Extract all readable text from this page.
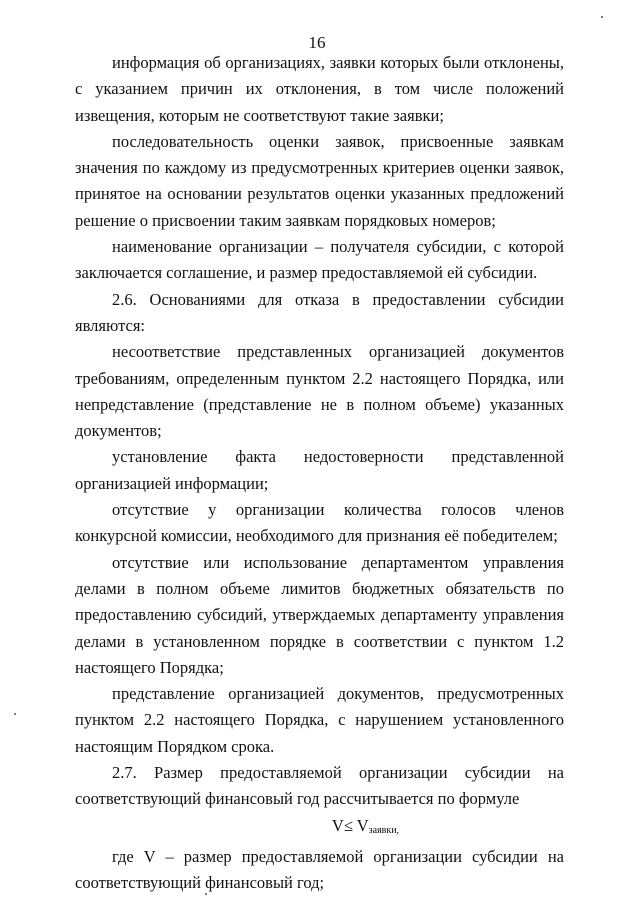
16

информация об организациях, заявки которых были отклонены, с указанием причин их отклонения, в том числе положений извещения, которым не соответствуют такие заявки;

последовательность оценки заявок, присвоенные заявкам значения по каждому из предусмотренных критериев оценки заявок, принятое на основании результатов оценки указанных предложений решение о присвоении таким заявкам порядковых номеров;

наименование организации – получателя субсидии, с которой заключается соглашение, и размер предоставляемой ей субсидии.

2.6. Основаниями для отказа в предоставлении субсидии являются:

несоответствие представленных организацией документов требованиям, определенным пунктом 2.2 настоящего Порядка, или непредставление (представление не в полном объеме) указанных документов;

установление факта недостоверности представленной организацией информации;

отсутствие у организации количества голосов членов конкурсной комиссии, необходимого для признания её победителем;

отсутствие или использование департаментом управления делами в полном объеме лимитов бюджетных обязательств по предоставлению субсидий, утверждаемых департаменту управления делами в установленном порядке в соответствии с пунктом 1.2 настоящего Порядка;

представление организацией документов, предусмотренных пунктом 2.2 настоящего Порядка, с нарушением установленного настоящим Порядком срока.

2.7. Размер предоставляемой организации субсидии на соответствующий финансовый год рассчитывается по формуле

$V\le V_{заявки,}$

где V – размер предоставляемой организации субсидии на соответствующий финансовый год;
